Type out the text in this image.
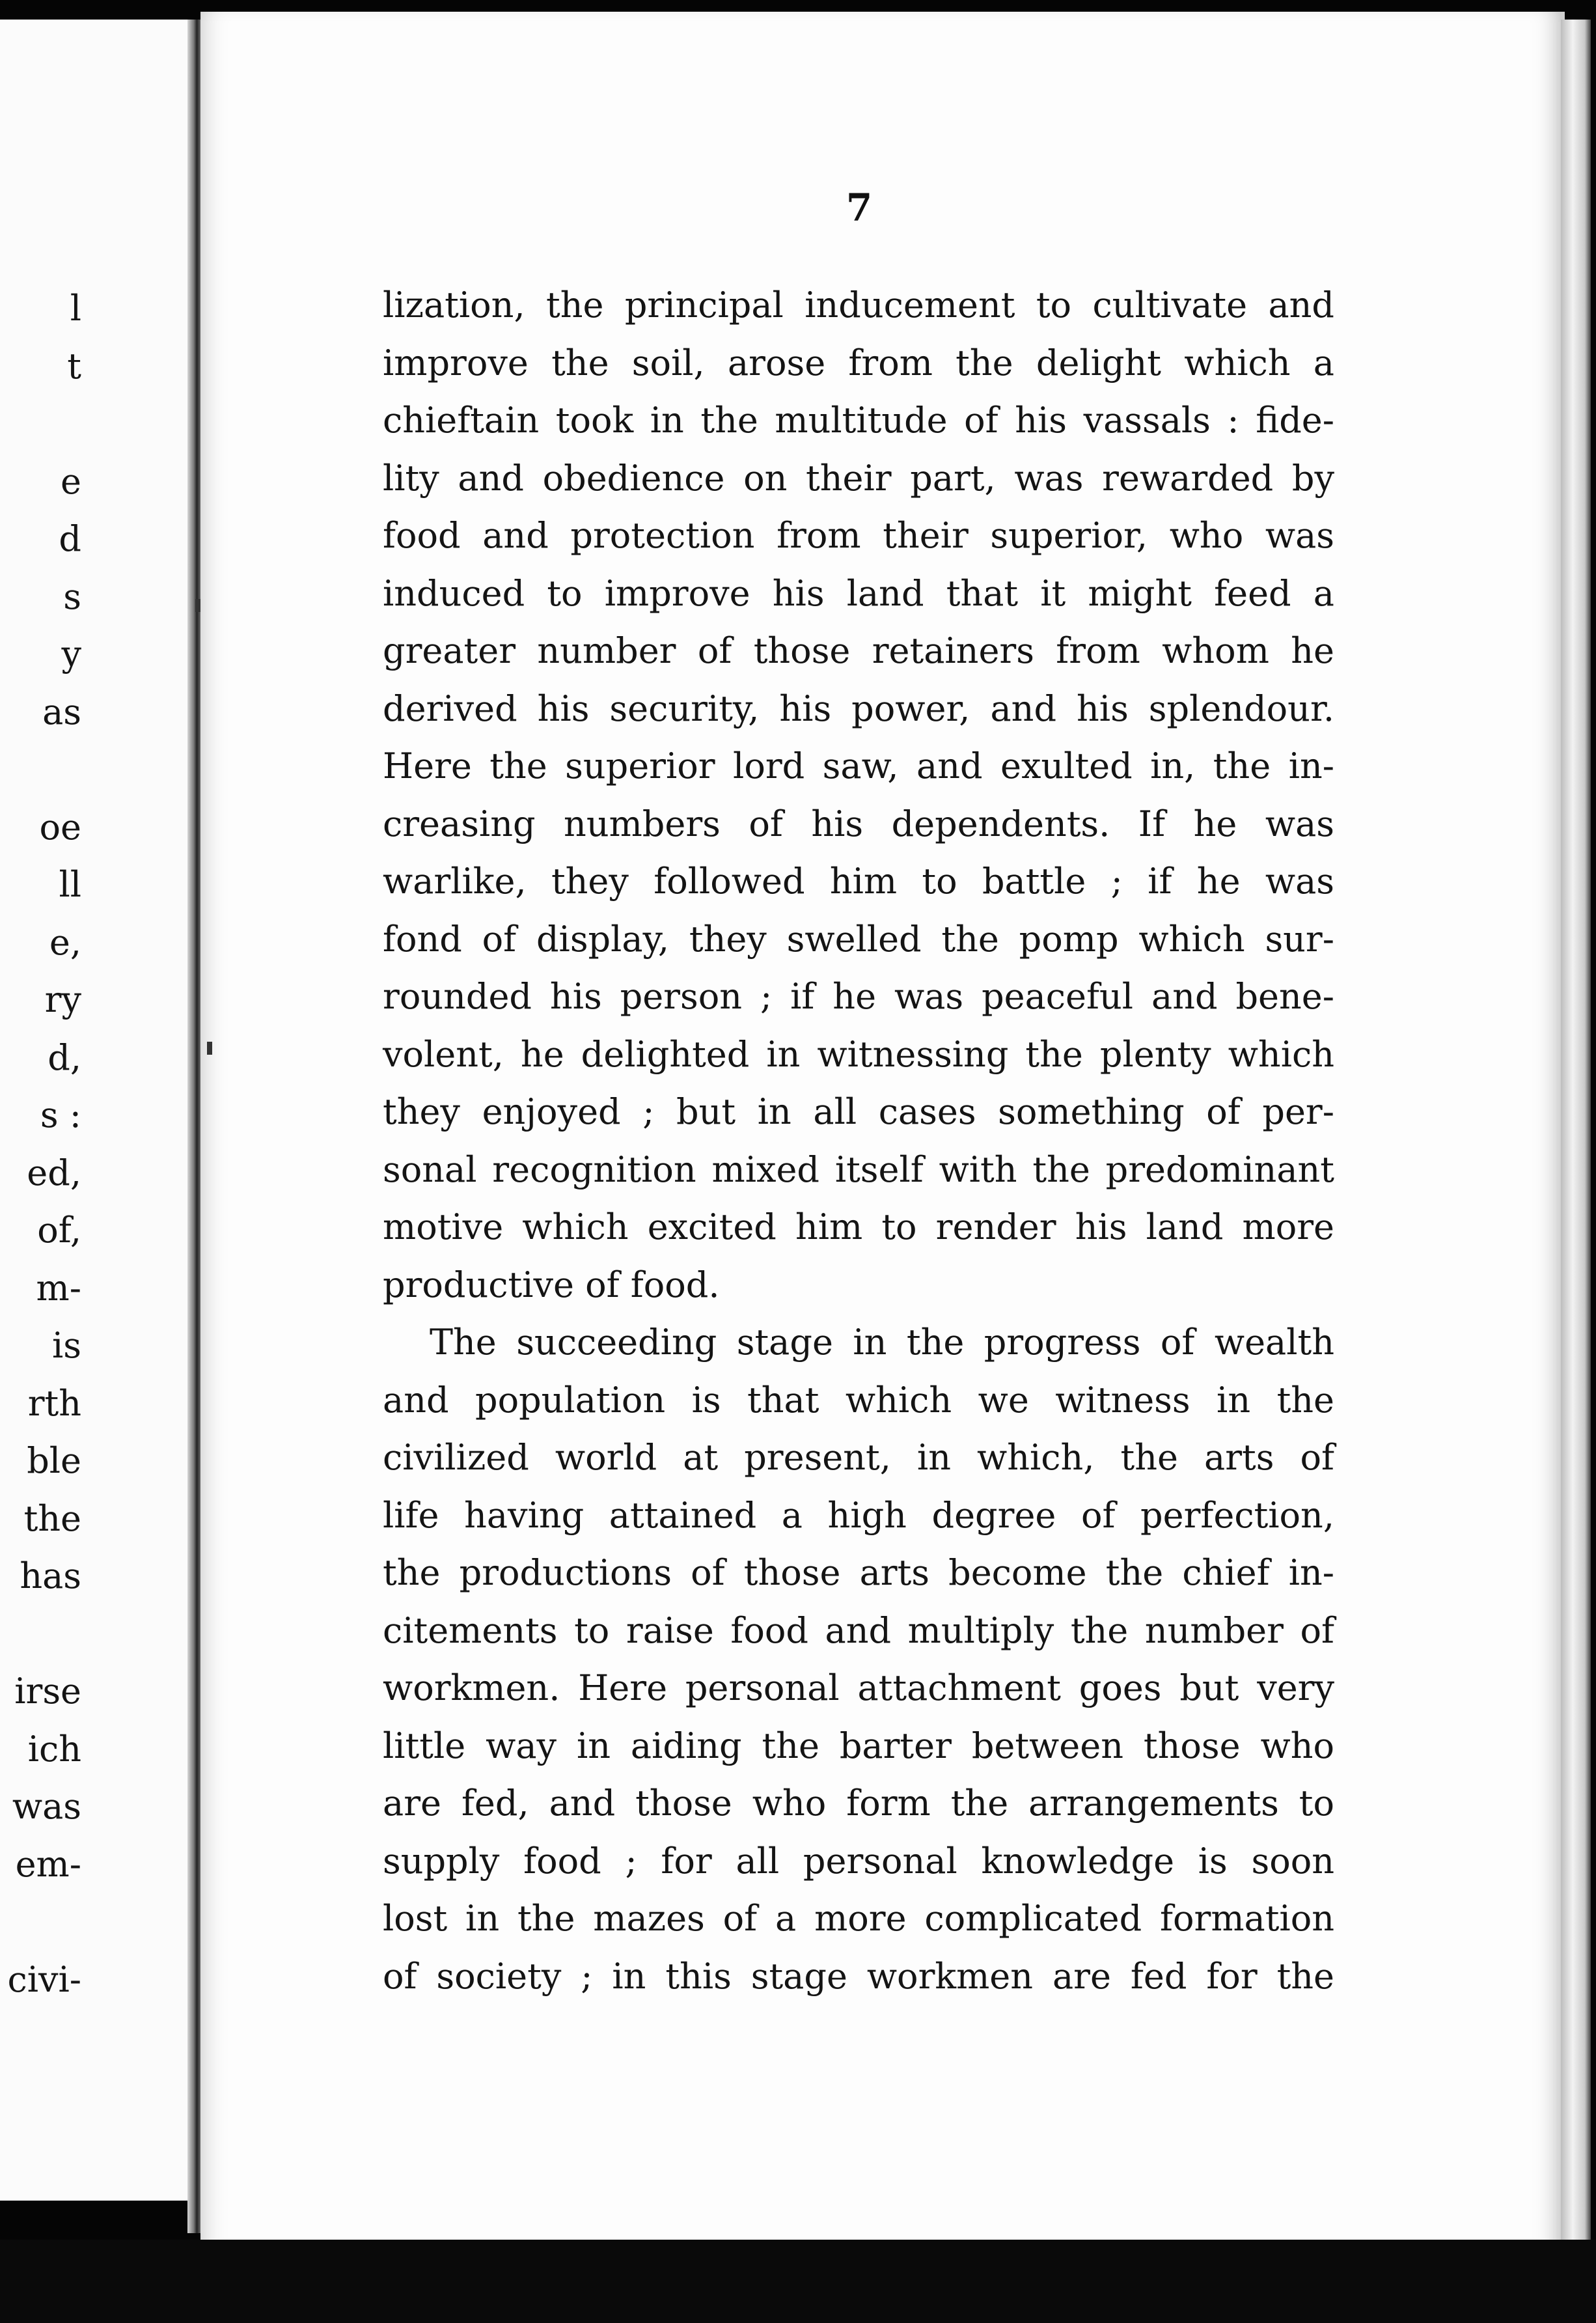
l
t
e
d
s
y
as
oe
ll
e,
ry
d,
s :
ed,
of,
m-
is
rth
ble
the
has
irse
ich
was
em-
civi-
7
lization, the principal inducement to cultivate and
improve the soil, arose from the delight which a
chieftain took in the multitude of his vassals : fide-
lity and obedience on their part, was rewarded by
food and protection from their superior, who was
induced to improve his land that it might feed a
greater number of those retainers from whom he
derived his security, his power, and his splendour.
Here the superior lord saw, and exulted in, the in-
creasing numbers of his dependents. If he was
warlike, they followed him to battle ; if he was
fond of display, they swelled the pomp which sur-
rounded his person ; if he was peaceful and bene-
volent, he delighted in witnessing the plenty which
they enjoyed ; but in all cases something of per-
sonal recognition mixed itself with the predominant
motive which excited him to render his land more
productive of food.
The succeeding stage in the progress of wealth
and population is that which we witness in the
civilized world at present, in which, the arts of
life having attained a high degree of perfection,
the productions of those arts become the chief in-
citements to raise food and multiply the number of
workmen. Here personal attachment goes but very
little way in aiding the barter between those who
are fed, and those who form the arrangements to
supply food ; for all personal knowledge is soon
lost in the mazes of a more complicated formation
of society ; in this stage workmen are fed for the
